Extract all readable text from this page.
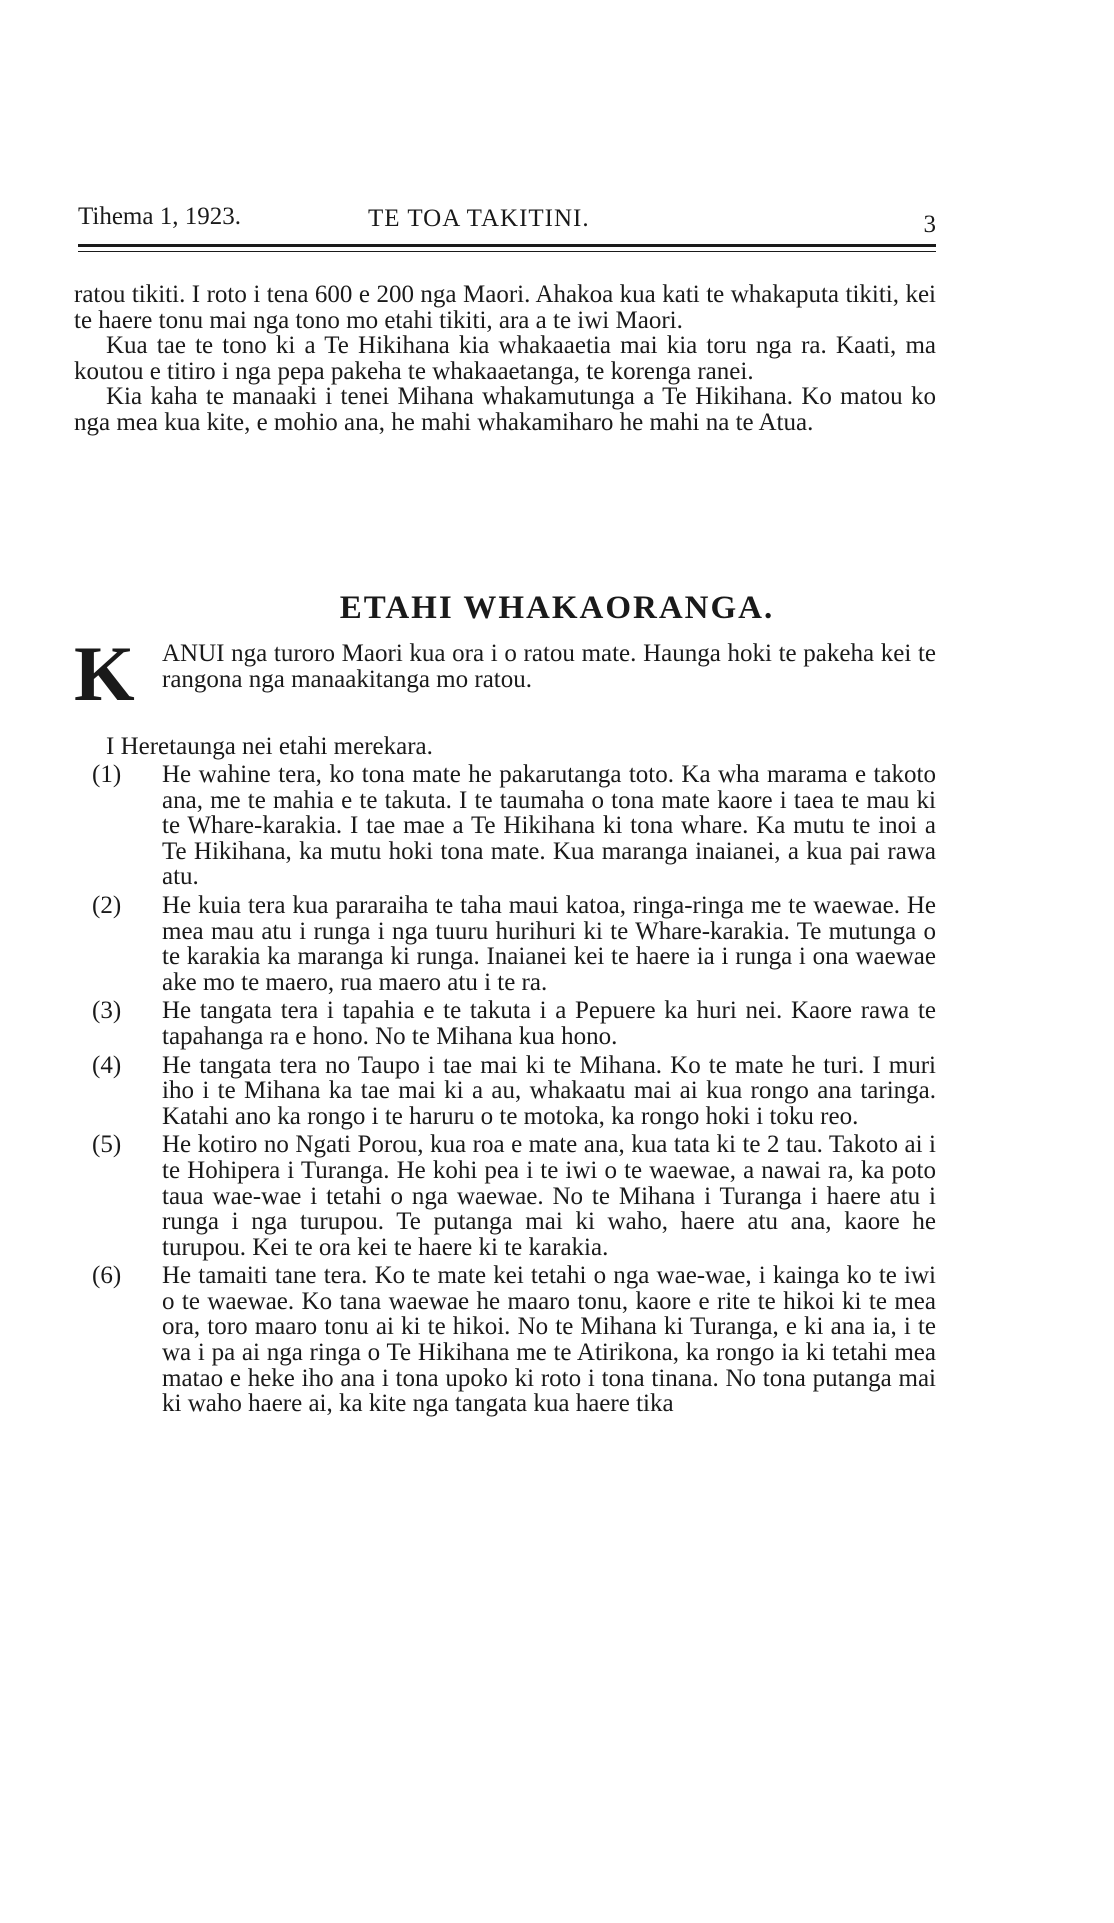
Tihema 1, 1923.	TE TOA TAKITINI.	3

ratou tikiti. I roto i tena 600 e 200 nga Maori. Ahakoa kua kati te whakaputa tikiti, kei te haere tonu mai nga tono mo etahi tikiti, ara a te iwi Maori.

Kua tae te tono ki a Te Hikihana kia whakaaetia mai kia toru nga ra. Kaati, ma koutou e titiro i nga pepa pakeha te whakaaetanga, te korenga ranei.

Kia kaha te manaaki i tenei Mihana whakamutunga a Te Hikihana. Ko matou ko nga mea kua kite, e mohio ana, he mahi whakamiharo he mahi na te Atua.

ETAHI WHAKAORANGA.
K ANUI nga turoro Maori kua ora i o ratou mate. Haunga hoki te pakeha kei te rangona nga manaakitanga mo ratou.
I Heretaunga nei etahi merekara.
(1) He wahine tera, ko tona mate he pakarutanga toto. Ka wha marama e takoto ana, me te mahia e te takuta. I te taumaha o tona mate kaore i taea te mau ki te Whare-karakia. I tae mae a Te Hikihana ki tona whare. Ka mutu te inoi a Te Hikihana, ka mutu hoki tona mate. Kua maranga inaianei, a kua pai rawa atu.
(2) He kuia tera kua pararaiha te taha maui katoa, ringa-ringa me te waewae. He mea mau atu i runga i nga tuuru hurihuri ki te Whare-karakia. Te mutunga o te karakia ka maranga ki runga. Inaianei kei te haere ia i runga i ona waewae ake mo te maero, rua maero atu i te ra.
(3) He tangata tera i tapahia e te takuta i a Pepuere ka huri nei. Kaore rawa te tapahanga ra e hono. No te Mihana kua hono.
(4) He tangata tera no Taupo i tae mai ki te Mihana. Ko te mate he turi. I muri iho i te Mihana ka tae mai ki a au, whakaatu mai ai kua rongo ana taringa. Katahi ano ka rongo i te haruru o te motoka, ka rongo hoki i toku reo.
(5) He kotiro no Ngati Porou, kua roa e mate ana, kua tata ki te 2 tau. Takoto ai i te Hohipera i Turanga. He kohi pea i te iwi o te waewae, a nawai ra, ka poto taua wae-wae i tetahi o nga waewae. No te Mihana i Turanga i haere atu i runga i nga turupou. Te putanga mai ki waho, haere atu ana, kaore he turupou. Kei te ora kei te haere ki te karakia.
(6) He tamaiti tane tera. Ko te mate kei tetahi o nga wae-wae, i kainga ko te iwi o te waewae. Ko tana waewae he maaro tonu, kaore e rite te hikoi ki te mea ora, toro maaro tonu ai ki te hikoi. No te Mihana ki Turanga, e ki ana ia, i te wa i pa ai nga ringa o Te Hikihana me te Atirikona, ka rongo ia ki tetahi mea matao e heke iho ana i tona upoko ki roto i tona tinana. No tona putanga mai ki waho haere ai, ka kite nga tangata kua haere tika
